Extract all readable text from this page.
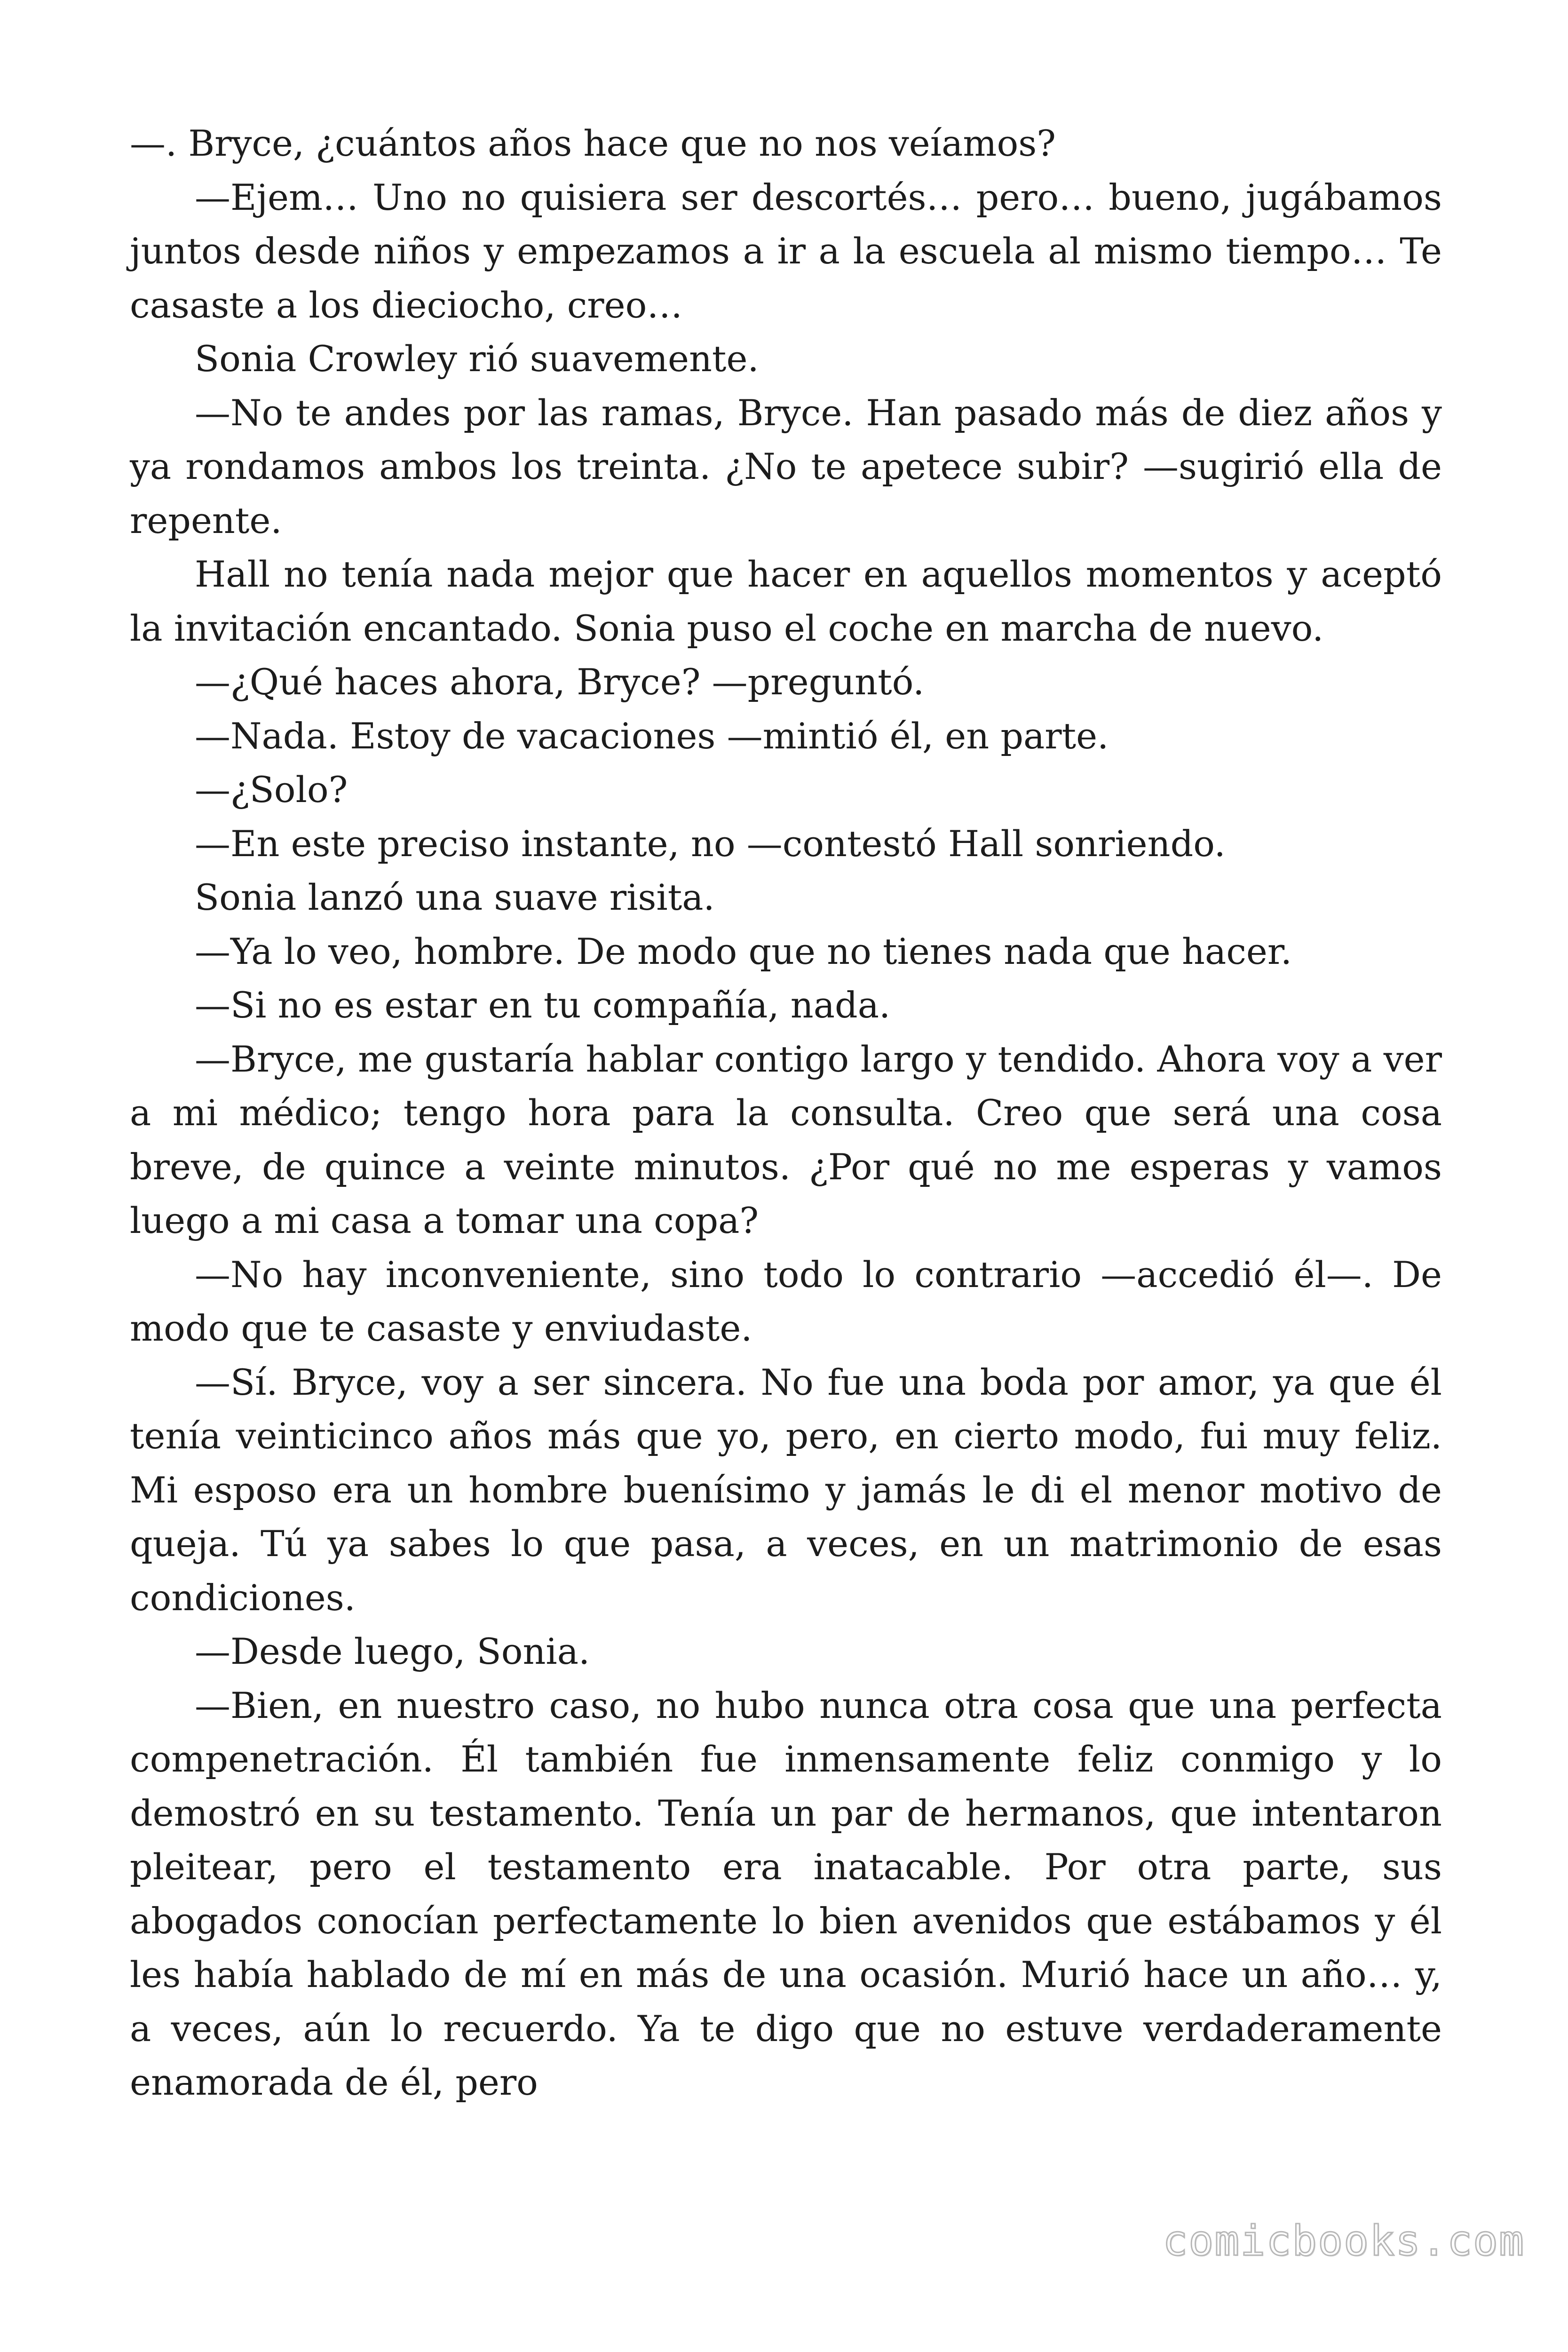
—. Bryce, ¿cuántos años hace que no nos veíamos?

—Ejem… Uno no quisiera ser descortés… pero… bueno, jugábamos juntos desde niños y empezamos a ir a la escuela al mismo tiempo… Te casaste a los dieciocho, creo…

Sonia Crowley rió suavemente.

—No te andes por las ramas, Bryce. Han pasado más de diez años y ya rondamos ambos los treinta. ¿No te apetece subir? —sugirió ella de repente.

Hall no tenía nada mejor que hacer en aquellos momentos y aceptó la invitación encantado. Sonia puso el coche en marcha de nuevo.

—¿Qué haces ahora, Bryce? —preguntó.

—Nada. Estoy de vacaciones —mintió él, en parte.

—¿Solo?

—En este preciso instante, no —contestó Hall sonriendo.

Sonia lanzó una suave risita.

—Ya lo veo, hombre. De modo que no tienes nada que hacer.

—Si no es estar en tu compañía, nada.

—Bryce, me gustaría hablar contigo largo y tendido. Ahora voy a ver a mi médico; tengo hora para la consulta. Creo que será una cosa breve, de quince a veinte minutos. ¿Por qué no me esperas y vamos luego a mi casa a tomar una copa?

—No hay inconveniente, sino todo lo contrario —accedió él—. De modo que te casaste y enviudaste.

—Sí. Bryce, voy a ser sincera. No fue una boda por amor, ya que él tenía veinticinco años más que yo, pero, en cierto modo, fui muy feliz. Mi esposo era un hombre buenísimo y jamás le di el menor motivo de queja. Tú ya sabes lo que pasa, a veces, en un matrimonio de esas condiciones.

—Desde luego, Sonia.

—Bien, en nuestro caso, no hubo nunca otra cosa que una perfecta compenetración. Él también fue inmensamente feliz conmigo y lo demostró en su testamento. Tenía un par de hermanos, que intentaron pleitear, pero el testamento era inatacable. Por otra parte, sus abogados conocían perfectamente lo bien avenidos que estábamos y él les había hablado de mí en más de una ocasión. Murió hace un año… y, a veces, aún lo recuerdo. Ya te digo que no estuve verdaderamente enamorada de él, pero

comicbooks.com
